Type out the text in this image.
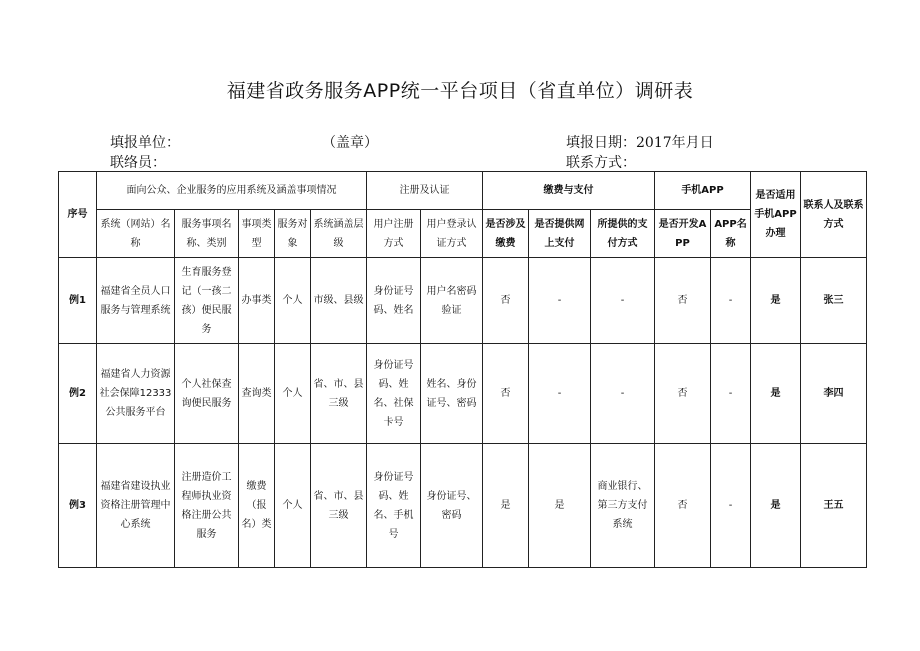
福建省政务服务APP统一平台项目（省直单位）调研表
填报单位：	（盖章）	填报日期：2017年月日
联络员：	联系方式：
序号	面向公众、企业服务的应用系统及涵盖事项情况					注册及认证		缴费与支付			手机APP		是否适用手机APP办理	联系人及联系方式
	系统（网站）名称	服务事项名称、类别	事项类型	服务对象	系统涵盖层级	用户注册方式	用户登录认证方式	是否涉及缴费	是否提供网上支付	所提供的支付方式	是否开发APP	APP名称		
例1	福建省全员人口服务与管理系统	生育服务登记（一孩二孩）便民服务	办事类	个人	市级、县级	身份证号码、姓名	用户名密码验证	否	-	-	否	-	是	张三
例2	福建省人力资源社会保障12333公共服务平台	个人社保查询便民服务	查询类	个人	省、市、县三级	身份证号码、姓名、社保卡号	姓名、身份证号、密码	否	-	-	否	-	是	李四
例3	福建省建设执业资格注册管理中心系统	注册造价工程师执业资格注册公共服务	缴费（报名）类	个人	省、市、县三级	身份证号码、姓名、手机号	身份证号、密码	是	是	商业银行、第三方支付系统	否	-	是	王五
